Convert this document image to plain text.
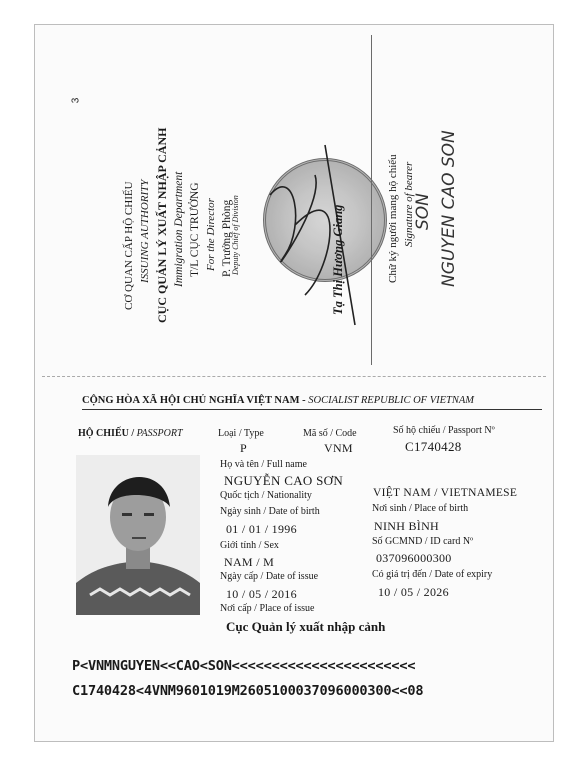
3
CƠ QUAN CẤP HỘ CHIẾU ISSUING AUTHORITY CỤC QUẢN LÝ XUẤT NHẬP CẢNH Immigration Department T/L CỤC TRƯỞNG For the Director P. Trưởng Phòng
Deputy Chief of Division	Tạ Thị Hương Giang	Chữ ký người mang hộ chiếu Signature of bearer
SON NGUYEN CAO SON
CỘNG HÒA XÃ HỘI CHỦ NGHĨA VIỆT NAM - SOCIALIST REPUBLIC OF VIETNAM
HỘ CHIẾU / PASSPORT	Loại / Type	Mã số / Code	Số hộ chiếu / Passport Nº
P	VNM	C1740428
Họ và tên / Full name
NGUYỄN CAO SƠN
Quốc tịch / Nationality	VIỆT NAM / VIETNAMESE
Ngày sinh / Date of birth	Nơi sinh / Place of birth
01 / 01 / 1996	NINH BÌNH
Giới tính / Sex	Số GCMND / ID card Nº
NAM / M	037096000300
Ngày cấp / Date of issue	Có giá trị đến / Date of expiry
10 / 05 / 2016	10 / 05 / 2026
Nơi cấp / Place of issue
Cục Quản lý xuất nhập cảnh
P<VNMNGUYEN<<CAO<SON<<<<<<<<<<<<<<<<<<<<<<<
C1740428<4VNM9601019M2605100037096000300<<08
